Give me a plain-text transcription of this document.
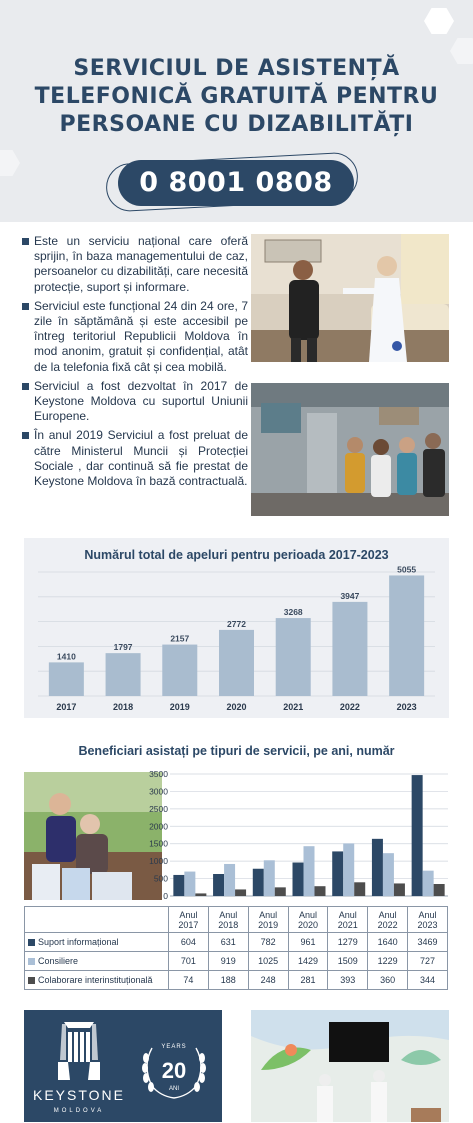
SERVICIUL DE ASISTENȚĂ
TELEFONICĂ GRATUITĂ PENTRU
PERSOANE CU DIZABILITĂȚI
0 8001 0808
Este un serviciu național care oferă sprijin, în baza managementului de caz, persoanelor cu dizabilități, care necesită protecție, suport și informare.
Serviciul este funcțional 24 din 24 ore, 7 zile în săptămână și este accesibil pe întreg teritoriul Republicii Moldova în mod anonim, gratuit și confidențial, atât de la telefonia fixă cât și cea mobilă.
Serviciul a fost dezvoltat în 2017 de Keystone Moldova cu suportul Uniunii Europene.
În anul 2019 Serviciul a fost preluat de către Ministerul Muncii și Protecției Sociale , dar continuă să fie prestat de Keystone Moldova în bază contractuală.
Numărul total de apeluri pentru perioada 2017-2023
1410
2017
1797
2018
2157
2019
2772
2020
3268
2021
3947
2022
5055
2023
Beneficiari asistați pe tipuri de servicii, pe ani, număr
	Anul 2017	Anul 2018	Anul 2019	Anul 2020	Anul 2021	Anul 2022	Anul 2023
Suport informațional	604	631	782	961	1279	1640	3469
Consiliere	701	919	1025	1429	1509	1229	727
Colaborare interinstituțională	74	188	248	281	393	360	344
KEYSTONE
MOLDOVA
YEARS
20
ANI
0
500
1000
1500
2000
2500
3000
3500
